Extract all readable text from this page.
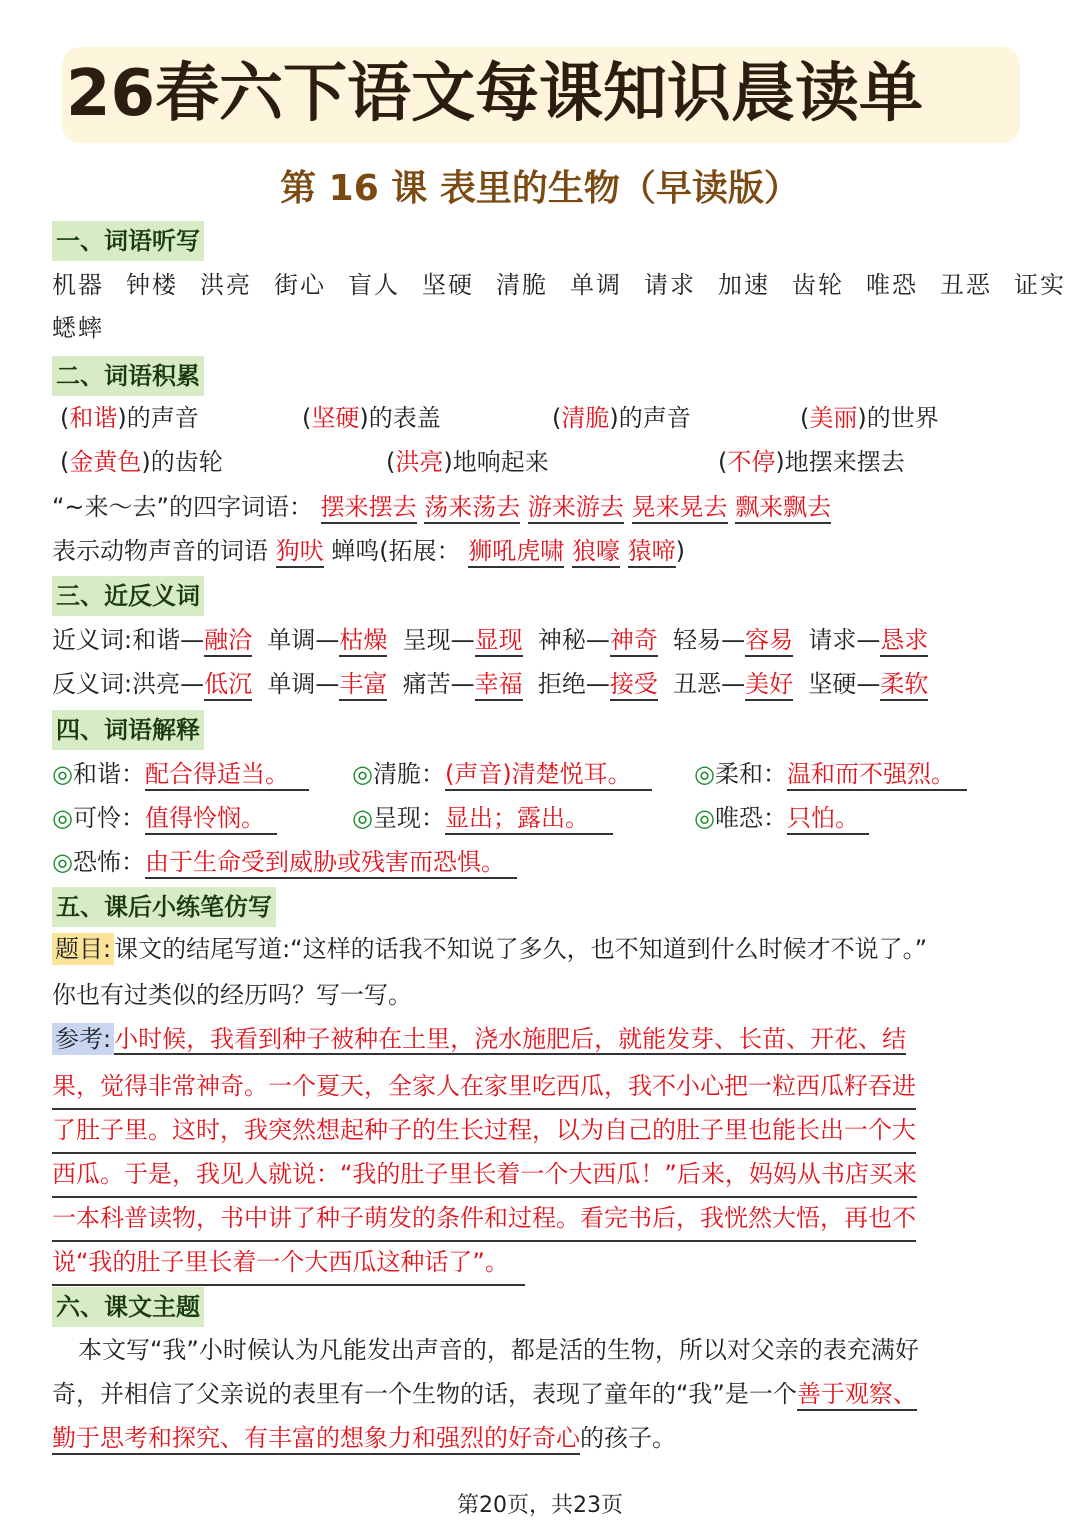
26春六下语文每课知识晨读单
第 16 课 表里的生物（早读版）
一、词语听写
机器 钟楼 洪亮 街心 盲人 坚硬 清脆 单调 请求 加速 齿轮 唯恐 丑恶 证实
蟋蟀
二、词语积累
(和谐)的声音	(坚硬)的表盖	(清脆)的声音	(美丽)的世界
(金黄色)的齿轮	(洪亮)地响起来	(不停)地摆来摆去
“~来～去”的四字词语： 摆来摆去 荡来荡去 游来游去 晃来晃去 飘来飘去
表示动物声音的词语 狗吠 蝉鸣(拓展： 狮吼虎啸 狼嚎 猿啼)
三、近反义词
近义词:和谐—融洽 单调—枯燥 呈现—显现 神秘—神奇 轻易—容易 请求—恳求
反义词:洪亮—低沉 单调—丰富 痛苦—幸福 拒绝—接受 丑恶—美好 坚硬—柔软
四、词语解释
◎和谐：配合得适当。	◎清脆：(声音)清楚悦耳。	◎柔和：温和而不强烈。
◎可怜：值得怜悯。	◎呈现：显出；露出。	◎唯恐：只怕。
◎恐怖：由于生命受到威胁或残害而恐惧。
五、课后小练笔仿写
题目: 课文的结尾写道:“这样的话我不知说了多久，也不知道到什么时候才不说了。”
你也有过类似的经历吗？写一写。
参考: 小时候，我看到种子被种在土里，浇水施肥后，就能发芽、长苗、开花、结
果，觉得非常神奇。一个夏天，全家人在家里吃西瓜，我不小心把一粒西瓜籽吞进
了肚子里。这时，我突然想起种子的生长过程，以为自己的肚子里也能长出一个大
西瓜。于是，我见人就说：“我的肚子里长着一个大西瓜！”后来，妈妈从书店买来
一本科普读物，书中讲了种子萌发的条件和过程。看完书后，我恍然大悟，再也不
说“我的肚子里长着一个大西瓜这种话了”。
六、课文主题
本文写“我”小时候认为凡能发出声音的，都是活的生物，所以对父亲的表充满好
奇，并相信了父亲说的表里有一个生物的话，表现了童年的“我”是一个善于观察、
勤于思考和探究、有丰富的想象力和强烈的好奇心的孩子。
第20页，共23页
